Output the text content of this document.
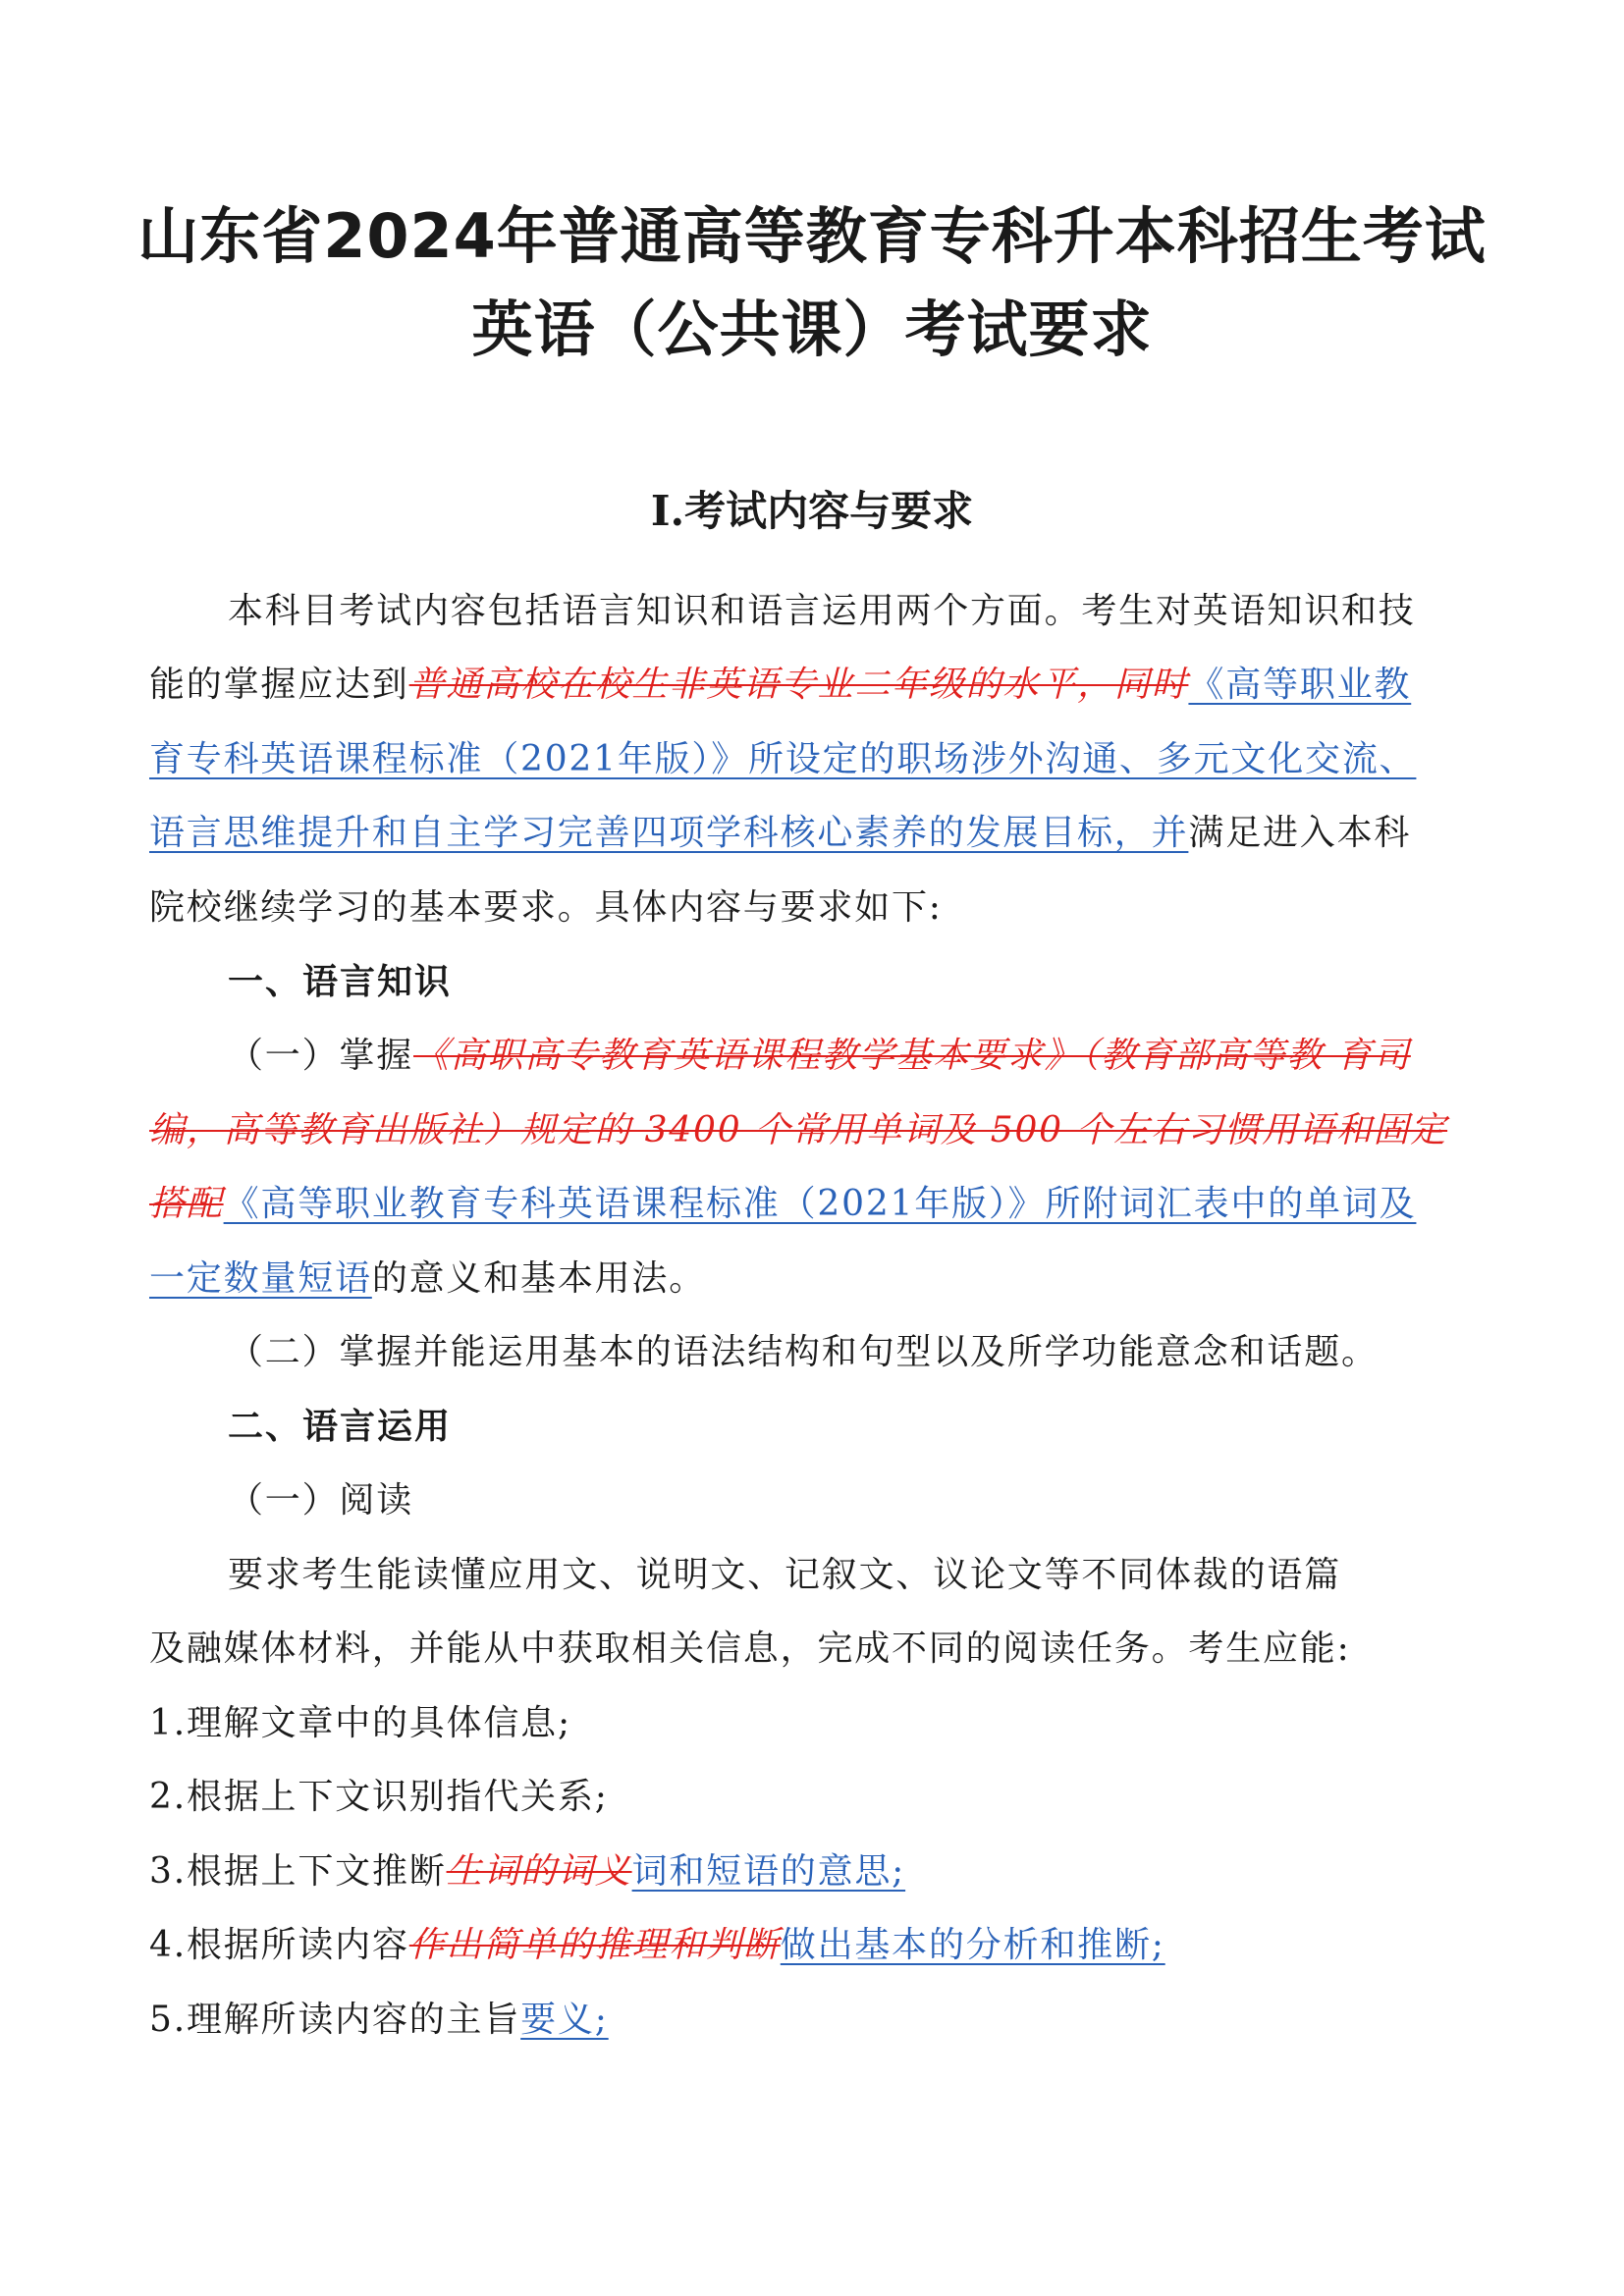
山东省2024年普通高等教育专科升本科招生考试
英语（公共课）考试要求
I.考试内容与要求
本科目考试内容包括语言知识和语言运用两个方面。考生对英语知识和技
能的掌握应达到普通高校在校生非英语专业二年级的水平，同时《高等职业教
育专科英语课程标准（2021年版）》所设定的职场涉外沟通、多元文化交流、
语言思维提升和自主学习完善四项学科核心素养的发展目标，并满足进入本科
院校继续学习的基本要求。具体内容与要求如下:
一、语言知识
（一）掌握《高职高专教育英语课程教学基本要求》（教育部高等教 育司
编，高等教育出版社）规定的 3400 个常用单词及 500 个左右习惯用语和固定
搭配《高等职业教育专科英语课程标准（2021年版）》所附词汇表中的单词及
一定数量短语的意义和基本用法。
（二）掌握并能运用基本的语法结构和句型以及所学功能意念和话题。
二、语言运用
（一）阅读
要求考生能读懂应用文、说明文、记叙文、议论文等不同体裁的语篇
及融媒体材料，并能从中获取相关信息，完成不同的阅读任务。考生应能:
1.理解文章中的具体信息;
2.根据上下文识别指代关系;
3.根据上下文推断生词的词义词和短语的意思;
4.根据所读内容作出简单的推理和判断做出基本的分析和推断;
5.理解所读内容的主旨要义;
